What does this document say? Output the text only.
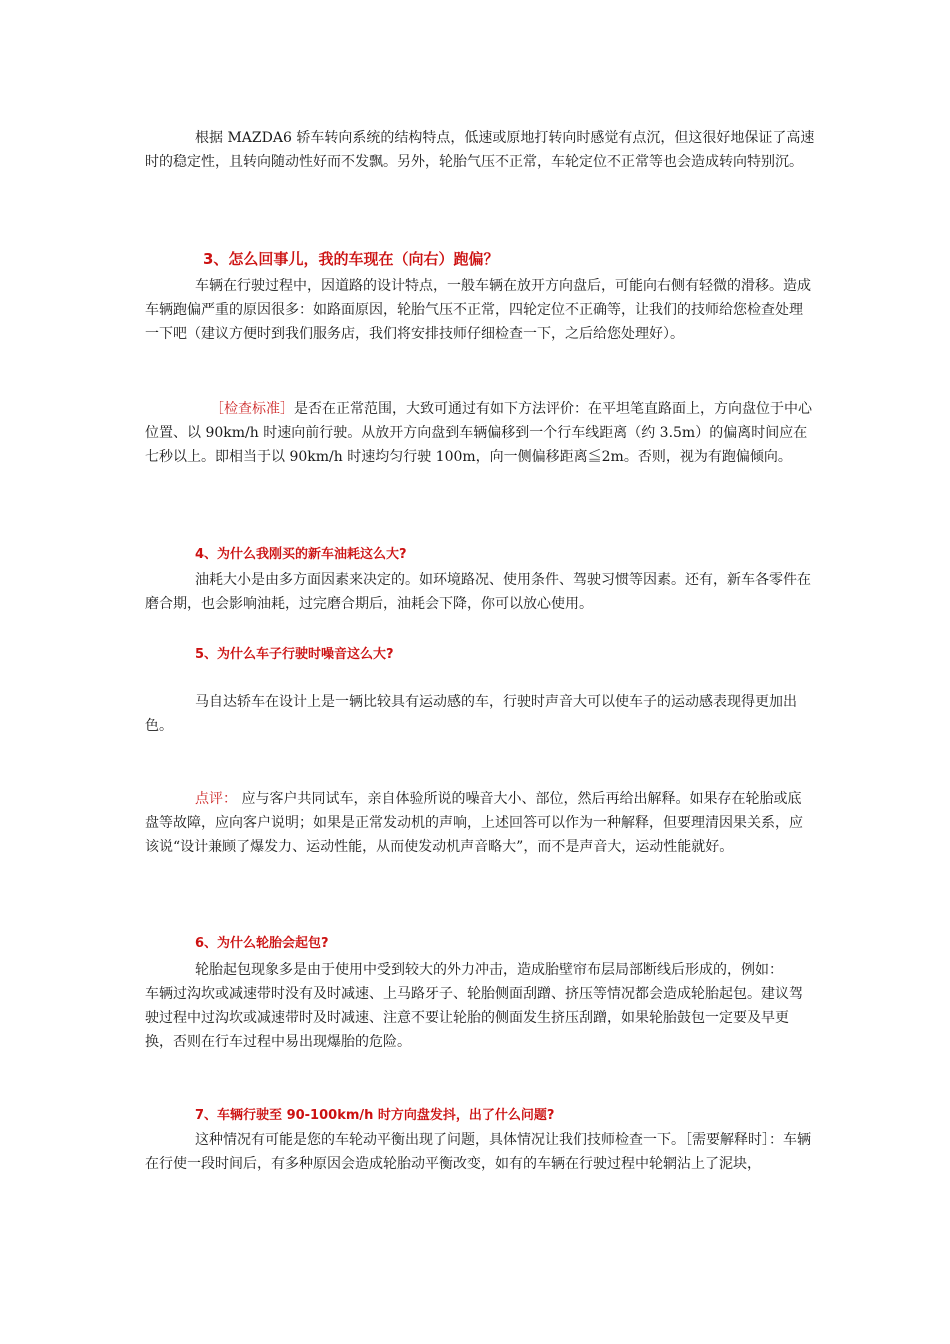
根据 MAZDA6 轿车转向系统的结构特点，低速或原地打转向时感觉有点沉，但这很好地保证了高速时的稳定性，且转向随动性好而不发飘。另外，轮胎气压不正常，车轮定位不正常等也会造成转向特别沉。

3、怎么回事儿，我的车现在（向右）跑偏？

车辆在行驶过程中，因道路的设计特点，一般车辆在放开方向盘后，可能向右侧有轻微的滑移。造成车辆跑偏严重的原因很多：如路面原因，轮胎气压不正常，四轮定位不正确等，让我们的技师给您检查处理一下吧（建议方便时到我们服务店，我们将安排技师仔细检查一下，之后给您处理好）。

［检查标准］是否在正常范围，大致可通过有如下方法评价：在平坦笔直路面上，方向盘位于中心位置、以 90km/h 时速向前行驶。从放开方向盘到车辆偏移到一个行车线距离（约 3.5m）的偏离时间应在七秒以上。即相当于以 90km/h 时速均匀行驶 100m，向一侧偏移距离≦2m。否则，视为有跑偏倾向。

4、为什么我刚买的新车油耗这么大?

油耗大小是由多方面因素来决定的。如环境路况、使用条件、驾驶习惯等因素。还有，新车各零件在磨合期，也会影响油耗，过完磨合期后，油耗会下降，你可以放心使用。

5、为什么车子行驶时噪音这么大?

马自达轿车在设计上是一辆比较具有运动感的车，行驶时声音大可以使车子的运动感表现得更加出色。

点评： 应与客户共同试车，亲自体验所说的噪音大小、部位，然后再给出解释。如果存在轮胎或底盘等故障，应向客户说明；如果是正常发动机的声响，上述回答可以作为一种解释，但要理清因果关系，应该说“设计兼顾了爆发力、运动性能，从而使发动机声音略大”，而不是声音大，运动性能就好。

6、为什么轮胎会起包?

轮胎起包现象多是由于使用中受到较大的外力冲击，造成胎壁帘布层局部断线后形成的，例如：

车辆过沟坎或减速带时没有及时减速、上马路牙子、轮胎侧面刮蹭、挤压等情况都会造成轮胎起包。建议驾驶过程中过沟坎或减速带时及时减速、注意不要让轮胎的侧面发生挤压刮蹭，如果轮胎鼓包一定要及早更换，否则在行车过程中易出现爆胎的危险。

7、车辆行驶至 90-100km/h 时方向盘发抖，出了什么问题?

这种情况有可能是您的车轮动平衡出现了问题，具体情况让我们技师检查一下。［需要解释时］：车辆在行使一段时间后，有多种原因会造成轮胎动平衡改变，如有的车辆在行驶过程中轮辋沾上了泥块，
